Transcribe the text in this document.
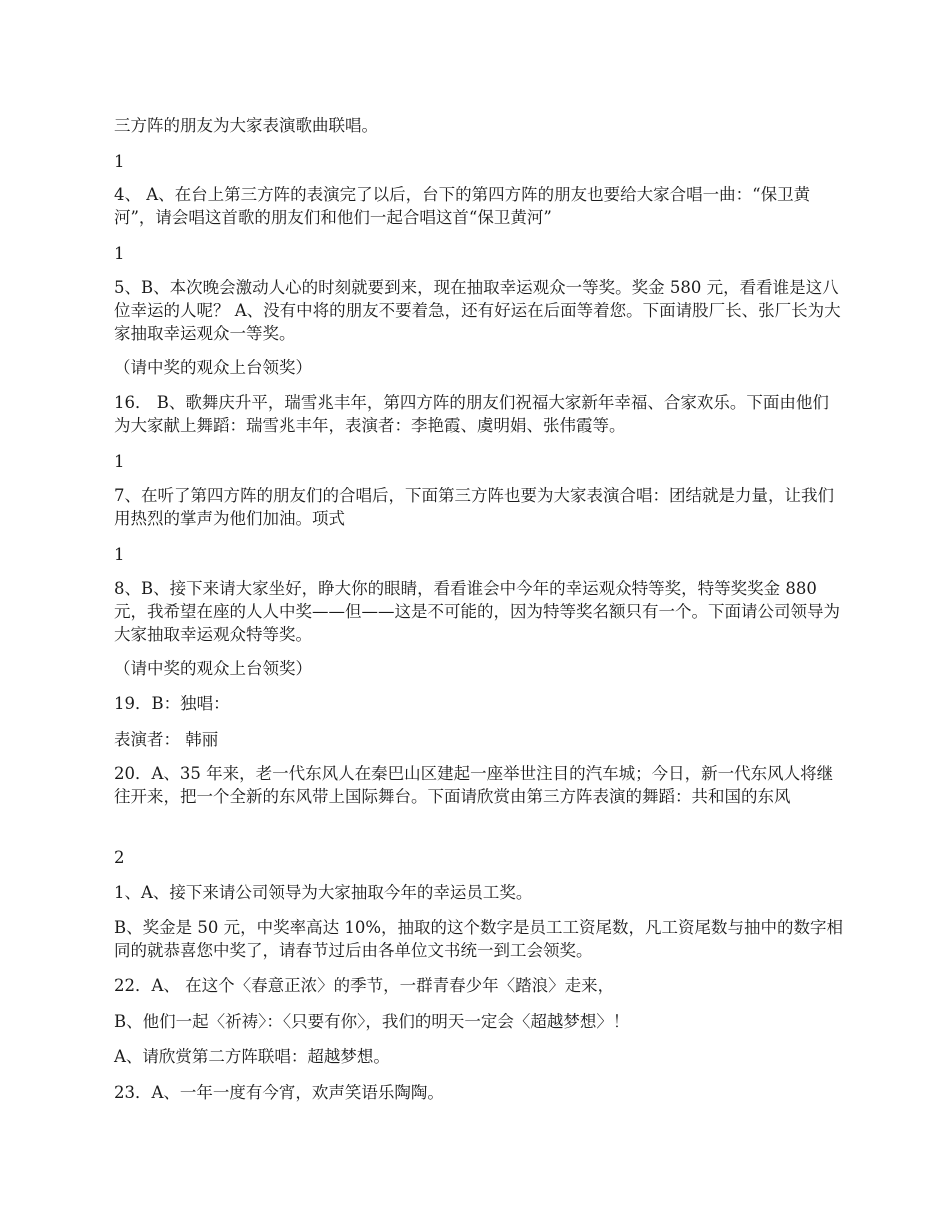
三方阵的朋友为大家表演歌曲联唱。

1

4、 A、在台上第三方阵的表演完了以后，台下的第四方阵的朋友也要给大家合唱一曲：“保卫黄河”，请会唱这首歌的朋友们和他们一起合唱这首“保卫黄河”

1

5、B、本次晚会激动人心的时刻就要到来，现在抽取幸运观众一等奖。奖金 580 元，看看谁是这八位幸运的人呢？ A、没有中将的朋友不要着急，还有好运在后面等着您。下面请股厂长、张厂长为大家抽取幸运观众一等奖。

（请中奖的观众上台领奖）

16． B、歌舞庆升平，瑞雪兆丰年，第四方阵的朋友们祝福大家新年幸福、合家欢乐。下面由他们为大家献上舞蹈：瑞雪兆丰年，表演者：李艳霞、虞明娟、张伟霞等。

1

7、在听了第四方阵的朋友们的合唱后，下面第三方阵也要为大家表演合唱：团结就是力量，让我们用热烈的掌声为他们加油。项式

1

8、B、接下来请大家坐好，睁大你的眼睛，看看谁会中今年的幸运观众特等奖，特等奖奖金 880 元，我希望在座的人人中奖——但——这是不可能的，因为特等奖名额只有一个。下面请公司领导为大家抽取幸运观众特等奖。

（请中奖的观众上台领奖）

19．B：独唱：

表演者： 韩丽

20．A、35 年来，老一代东风人在秦巴山区建起一座举世注目的汽车城；今日，新一代东风人将继往开来，把一个全新的东风带上国际舞台。下面请欣赏由第三方阵表演的舞蹈：共和国的东风

2

1、A、接下来请公司领导为大家抽取今年的幸运员工奖。

B、奖金是 50 元，中奖率高达 10%，抽取的这个数字是员工工资尾数，凡工资尾数与抽中的数字相同的就恭喜您中奖了，请春节过后由各单位文书统一到工会领奖。

22．A、 在这个〈春意正浓〉的季节，一群青春少年〈踏浪〉走来，

B、他们一起〈祈祷〉：〈只要有你〉，我们的明天一定会〈超越梦想〉！

A、请欣赏第二方阵联唱：超越梦想。

23．A、一年一度有今宵，欢声笑语乐陶陶。
